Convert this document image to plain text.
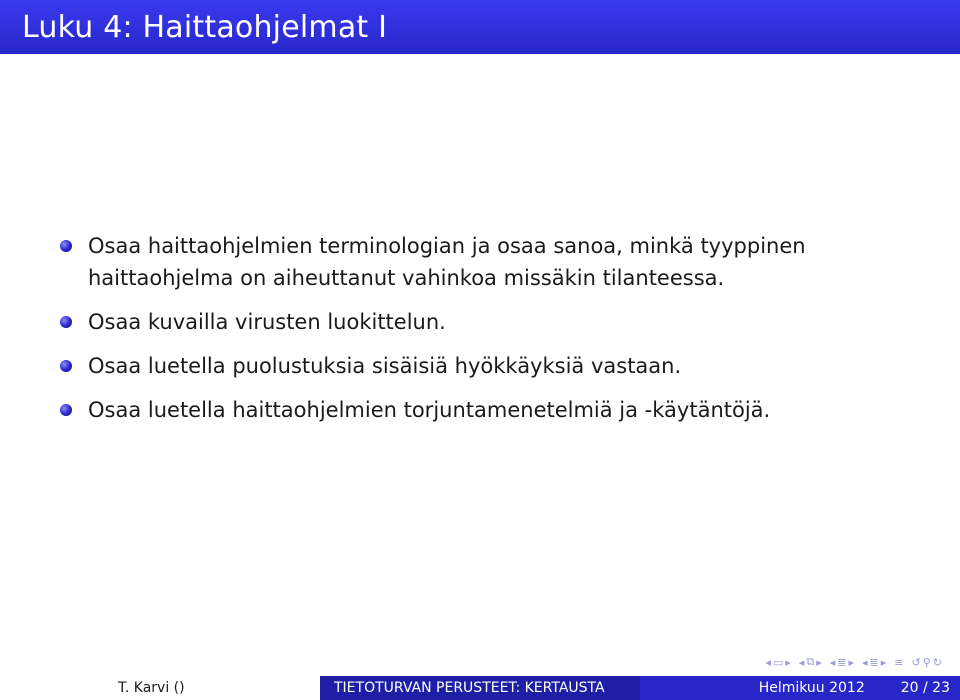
Luku 4: Haittaohjelmat I
Osaa haittaohjelmien terminologian ja osaa sanoa, minkä tyyppinen haittaohjelma on aiheuttanut vahinkoa missäkin tilanteessa.
Osaa kuvailla virusten luokittelun.
Osaa luetella puolustuksia sisäisiä hyökkäyksiä vastaan.
Osaa luetella haittaohjelmien torjuntamenetelmiä ja -käytäntöjä.
◂ ▭ ▸ ◂ ⧉ ▸ ◂ ≣ ▸ ◂ ≣ ▸ ≡ ↺ ⚲ ↻
T. Karvi ()	TIETOTURVAN PERUSTEET: KERTAUSTA	Helmikuu 2012	20 / 23
